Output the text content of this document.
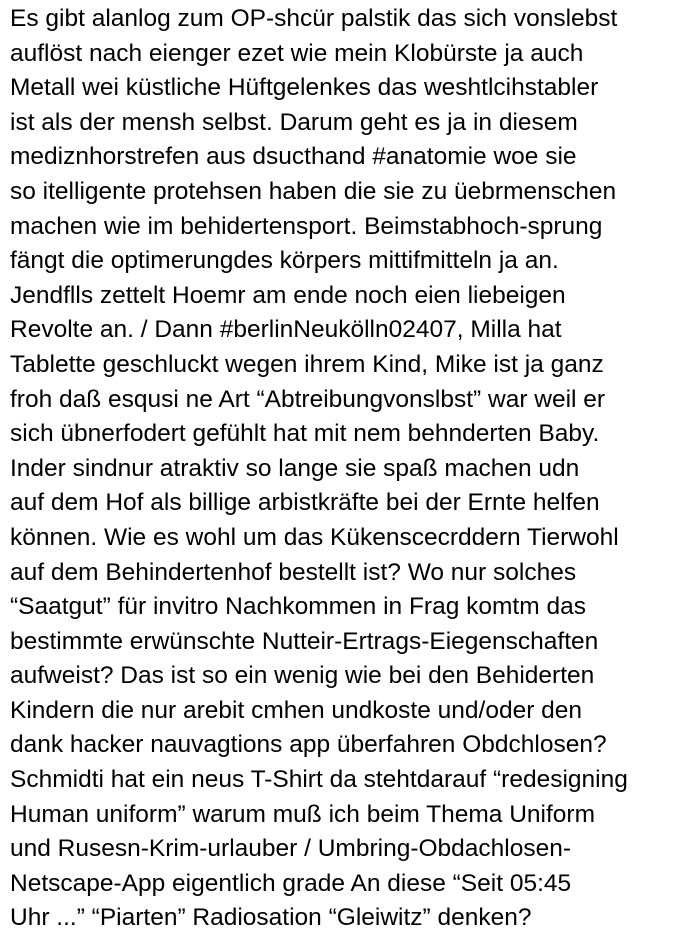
Es gibt alanlog zum OP-shcür palstik das sich vonslebst
auflöst nach eienger ezet wie mein Klobürste ja auch
Metall wei küstliche Hüftgelenkes das weshtlcihstabler
ist als der mensh selbst. Darum geht es ja in diesem
mediznhorstrefen aus dsucthand #anatomie woe sie
so itelligente protehsen haben die sie zu üebrmenschen
machen wie im behidertensport. Beimstabhoch-sprung
fängt die optimerungdes körpers mittifmitteln ja an.
Jendflls zettelt Hoemr am ende noch eien liebeigen
Revolte an. / Dann #berlinNeukölln02407, Milla hat
Tablette geschluckt wegen ihrem Kind, Mike ist ja ganz
froh daß esqusi ne Art “Abtreibungvonslbst” war weil er
sich übnerfodert gefühlt hat mit nem behnderten Baby.
Inder sindnur atraktiv so lange sie spaß machen udn
auf dem Hof als billige arbistkräfte bei der Ernte helfen
können. Wie es wohl um das Kükenscecrddern Tierwohl
auf dem Behindertenhof bestellt ist? Wo nur solches
“Saatgut” für invitro Nachkommen in Frag komtm das
bestimmte erwünschte Nutteir-Ertrags-Eiegenschaften
aufweist? Das ist so ein wenig wie bei den Behiderten
Kindern die nur arebit cmhen undkoste und/oder den
dank hacker nauvagtions app überfahren Obdchlosen?
Schmidti hat ein neus T-Shirt da stehtdarauf “redesigning
Human uniform” warum muß ich beim Thema Uniform
und Rusesn-Krim-urlauber / Umbring-Obdachlosen-
Netscape-App eigentlich grade An diese “Seit 05:45
Uhr ...” “Piarten” Radiosation “Gleiwitz” denken?
